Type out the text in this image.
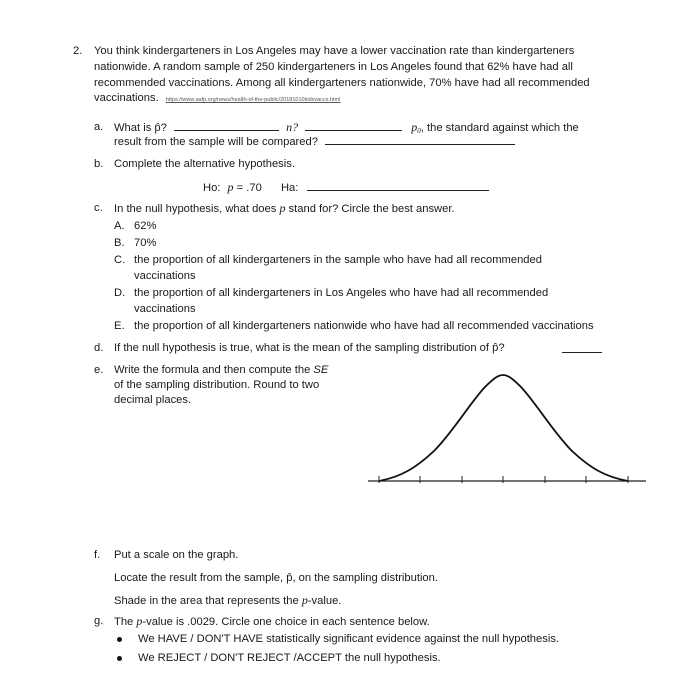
2. You think kindergarteners in Los Angeles may have a lower vaccination rate than kindergarteners
nationwide. A random sample of 250 kindergarteners in Los Angeles found that 62% have had all
recommended vaccinations. Among all kindergarteners nationwide, 70% have had all recommended
vaccinations. https://www.aafp.org/news/health-of-the-public/20181010kidsvaccs.html
a. What is p̂?	n?	$p_0$, the standard against which the
result from the sample will be compared?
b. Complete the alternative hypothesis.
Ho: p = .70 Ha:
c. In the null hypothesis, what does p stand for? Circle the best answer.
A. 62%
B. 70%
C. the proportion of all kindergarteners in the sample who have had all recommended
vaccinations
D. the proportion of all kindergarteners in Los Angeles who have had all recommended
vaccinations
E. the proportion of all kindergarteners nationwide who have had all recommended vaccinations
d. If the null hypothesis is true, what is the mean of the sampling distribution of p̂?
e. Write the formula and then compute the SE
of the sampling distribution. Round to two
decimal places.
f. Put a scale on the graph.
Locate the result from the sample, p̂, on the sampling distribution.
Shade in the area that represents the p-value.
g. The p-value is .0029. Circle one choice in each sentence below.
We HAVE / DON'T HAVE statistically significant evidence against the null hypothesis.
We REJECT / DON'T REJECT /ACCEPT the null hypothesis.
